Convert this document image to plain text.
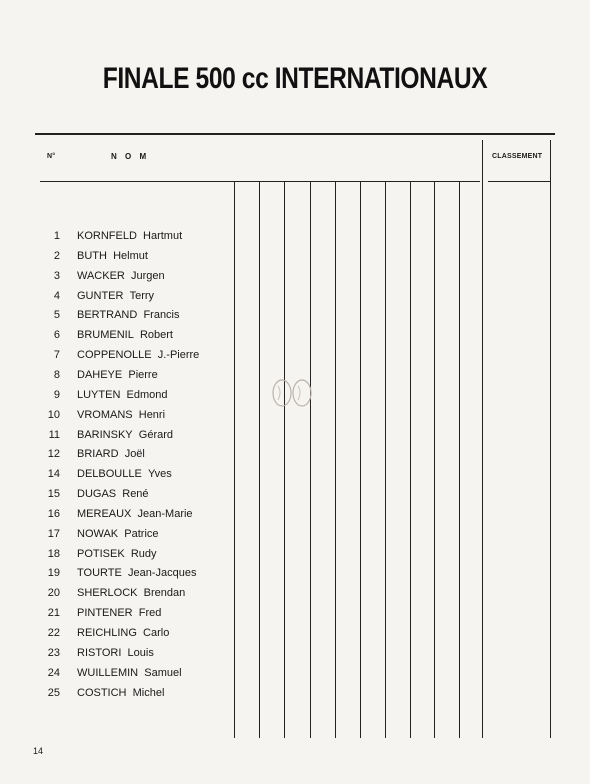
FINALE 500 cc INTERNATIONAUX
N°	N O M	CLASSEMENT
1 KORNFELD Hartmut
2 BUTH Helmut
3 WACKER Jurgen
4 GUNTER Terry
5 BERTRAND Francis
6 BRUMENIL Robert
7 COPPENOLLE J.-Pierre
8 DAHEYE Pierre
9 LUYTEN Edmond
10 VROMANS Henri
11 BARINSKY Gérard
12 BRIARD Joël
14 DELBOULLE Yves
15 DUGAS René
16 MEREAUX Jean-Marie
17 NOWAK Patrice
18 POTISEK Rudy
19 TOURTE Jean-Jacques
20 SHERLOCK Brendan
21 PINTENER Fred
22 REICHLING Carlo
23 RISTORI Louis
24 WUILLEMIN Samuel
25 COSTICH Michel
14
